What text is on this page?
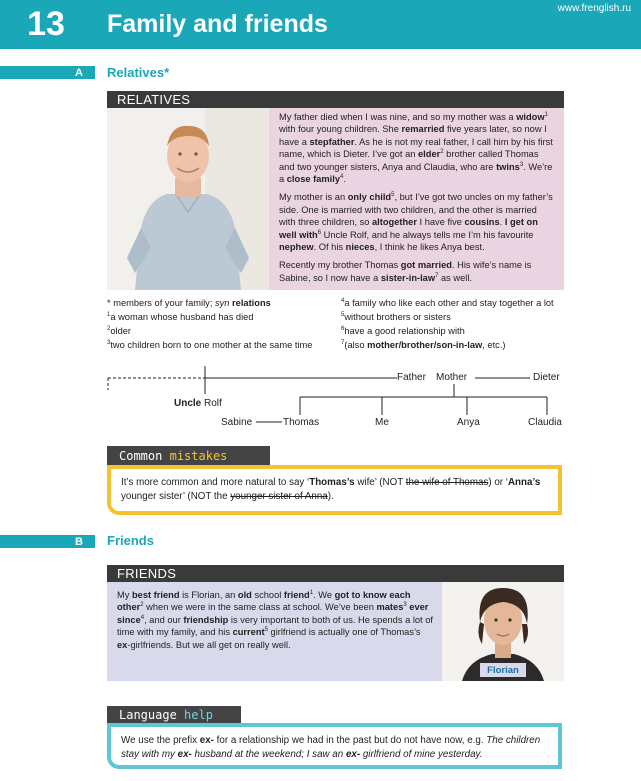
13	Family and friends
www.frenglish.ru
A	Relatives*
RELATIVES

My father died when I was nine, and so my mother was a widow$^1$ with four young children. She remarried five years later, so now I have a stepfather. As he is not my real father, I call him by his first name, which is Dieter. I’ve got an elder$^2$ brother called Thomas and two younger sisters, Anya and Claudia, who are twins$^3$. We’re a close family$^4$.

My mother is an only child$^5$, but I’ve got two uncles on my father’s side. One is married with two children, and the other is married with three children, so altogether I have five cousins. I get on well with$^6$ Uncle Rolf, and he always tells me I’m his favourite nephew. Of his nieces, I think he likes Anya best.

Recently my brother Thomas got married. His wife’s name is Sabine, so I now have a sister-in-law$^7$ as well.

* members of your family; syn relations
$^1$a woman whose husband has died
$^2$older
$^3$two children born to one mother at the same time
$^4$a family who like each other and stay together a lot
$^5$without brothers or sisters
$^6$have a good relationship with
$^7$(also mother/brother/son-in-law, etc.)
Father Mother	Dieter
Uncle Rolf
Sabine	Thomas	Me	Anya	Claudia
Common
mistakes
It’s more common and more natural to say ‘Thomas’s wife’ (NOT the wife of Thomas) or ‘Anna’s younger sister’ (NOT the younger sister of Anna).
B	Friends
FRIENDS
My best friend is Florian, an old school friend$^1$. We got to know each other$^2$ when we were in the same class at school. We’ve been mates$^3$ ever since$^4$, and our friendship is very important to both of us. He spends a lot of time with my family, and his current$^5$ girlfriend is actually one of Thomas’s ex-girlfriends. But we all get on really well.
Florian
Language
help
We use the prefix ex- for a relationship we had in the past but do not have now, e.g. The children stay with my ex- husband at the weekend; I saw an ex- girlfriend of mine yesterday.
